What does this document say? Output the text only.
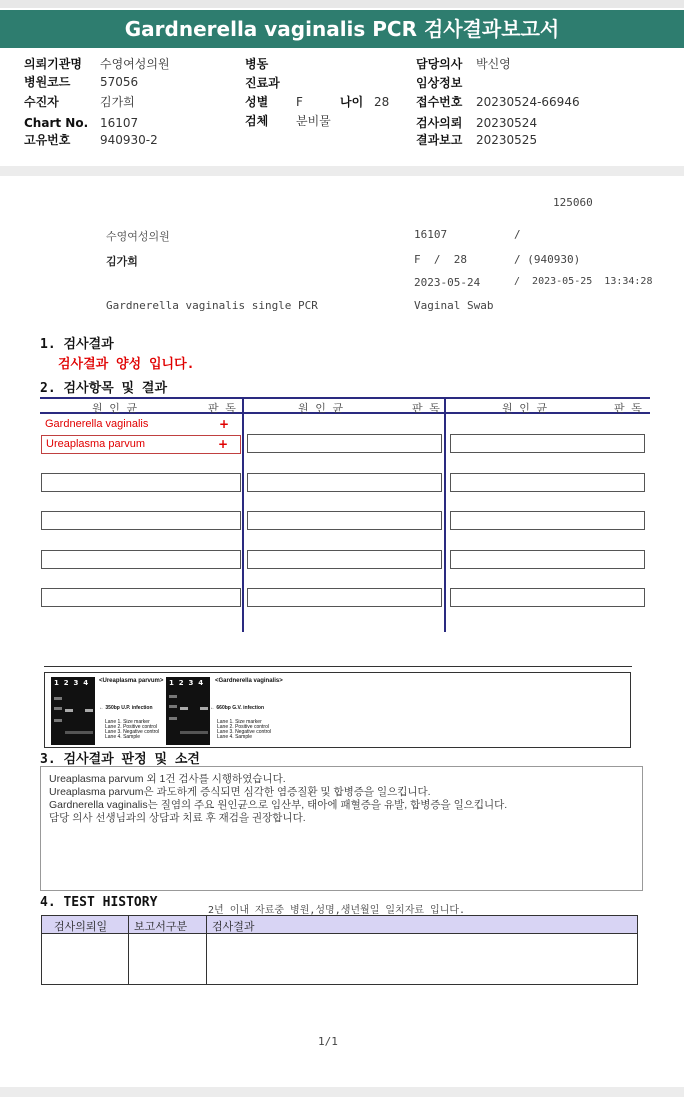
Gardnerella vaginalis PCR 검사결과보고서
의뢰기관명 수영여성의원
병원코드 57056
수진자	김가희
Chart No. 16107
고유번호 940930-2
병동
진료과
성별 F	나이 28
검체 분비물
담당의사 박신영
임상정보
접수번호 20230524-66946
검사의뢰 20230524
결과보고 20230525
125060
수영여성의원	16107	/
김가희	F  /  28	/ (940930)
2023-05-24	/  2023-05-25  13:34:28
Gardnerella vaginalis single PCR	Vaginal Swab
1. 검사결과
검사결과 양성 입니다.
2. 검사항목 및 결과
원 인 균	판 독	원 인 균	판 독	원 인 균	판 독
Gardnerella vaginalis	+
Ureaplasma parvum	+
1  2  3  4 <Ureaplasma parvum>
← 350bp U.P. infection
Lane 1. Size marker
Lane 2. Positive control
Lane 3. Negative control
Lane 4. Sample
1  2  3  4 <Gardnerella vaginalis>
← 660bp G.V. infection
Lane 1. Size marker
Lane 2. Positive control
Lane 3. Negative control
Lane 4. Sample
3. 검사결과 판정 및 소견
Ureaplasma parvum 외 1건 검사를 시행하였습니다.
Ureaplasma parvum은 과도하게 증식되면 심각한 염증질환 및 합병증을 일으킵니다.
Gardnerella vaginalis는 질염의 주요 원인균으로 임산부, 태아에 패혈증을 유발, 합병증을 일으킵니다.
담당 의사 선생님과의 상담과 치료 후 재검을 권장합니다.
4. TEST HISTORY
2년 이내 자료중 병원,성명,생년월일 일치자료 입니다.
검사의뢰일 보고서구분 검사결과
1/1
